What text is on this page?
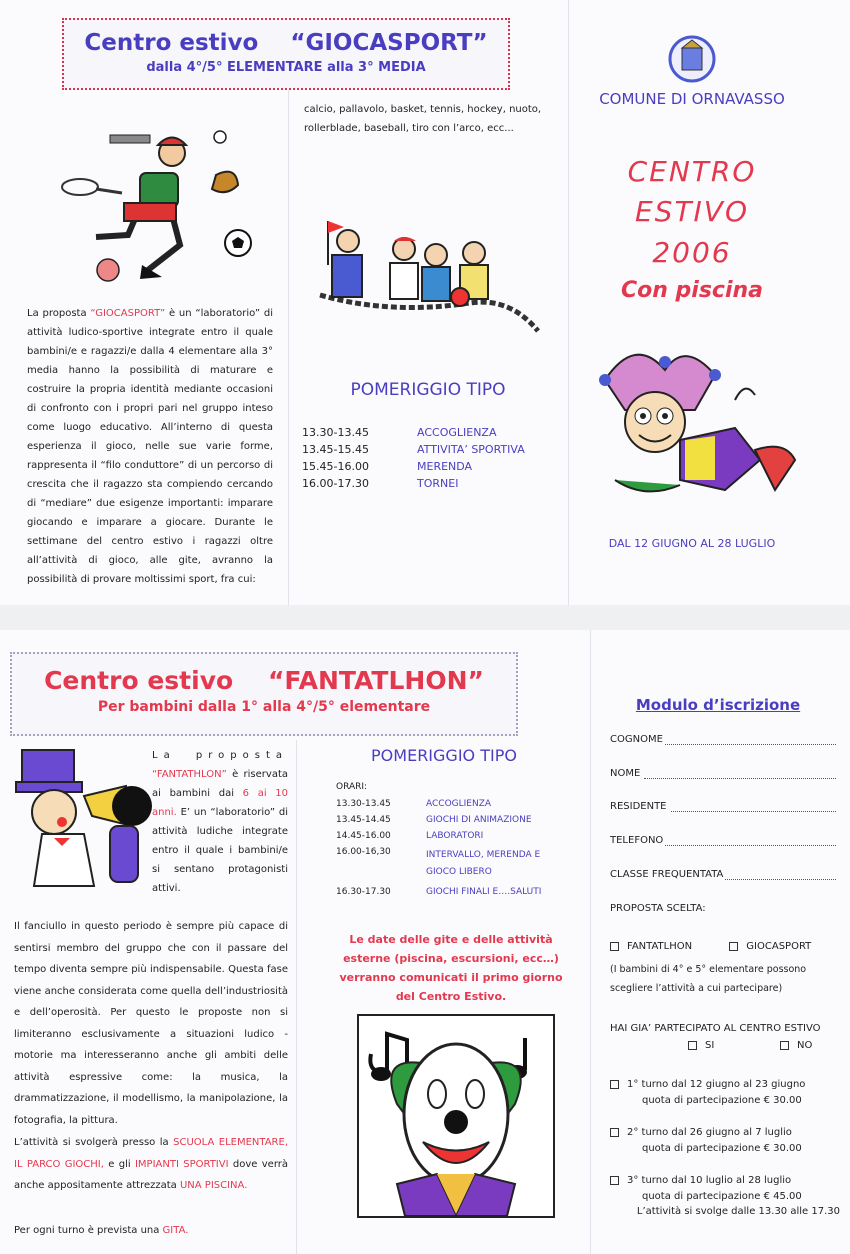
Centro estivo    “GIOCASPORT”
dalla 4°/5° ELEMENTARE alla 3° MEDIA
La proposta “GIOCASPORT” è un “laboratorio” di attività ludico-sportive integrate entro il quale bambini/e e ragazzi/e dalla 4 elementare alla 3° media hanno la possibilità di maturare e costruire la propria identità mediante occasioni di confronto con i propri pari nel gruppo inteso come luogo educativo. All’interno di questa esperienza il gioco, nelle sue varie forme, rappresenta il “filo conduttore” di un percorso di crescita che il ragazzo sta compiendo cercando di “mediare” due esigenze importanti: imparare giocando e imparare a giocare. Durante le settimane del centro estivo i ragazzi oltre all’attività di gioco, alle gite, avranno la possibilità di provare moltissimi sport, fra cui:
calcio, pallavolo, basket, tennis, hockey, nuoto, rollerblade, baseball, tiro con l’arco, ecc...
POMERIGGIO TIPO
13.30-13.45	ACCOGLIENZA
13.45-15.45	ATTIVITA’ SPORTIVA
15.45-16.00	MERENDA
16.00-17.30	TORNEI
COMUNE DI ORNAVASSO
CENTRO
ESTIVO
2006
Con piscina
DAL 12 GIUGNO AL 28 LUGLIO
Centro estivo    “FANTATLHON”
Per bambini dalla 1° alla 4°/5° elementare
La proposta “FANTATHLON” è riservata ai bambini dai 6 ai 10 anni. E’ un “laboratorio” di attività ludiche integrate entro il quale i bambini/e si sentano protagonisti attivi.
Il fanciullo in questo periodo è sempre più capace di sentirsi membro del gruppo che con il passare del tempo diventa sempre più indispensabile. Questa fase viene anche considerata come quella dell’industriosità e dell’operosità. Per questo le proposte non si limiteranno esclusivamente a situazioni ludico - motorie ma interesseranno anche gli ambiti delle attività espressive come: la musica, la drammatizzazione, il modellismo, la manipolazione, la fotografia, la pittura.
L’attività si svolgerà presso la SCUOLA ELEMENTARE, IL PARCO GIOCHI, e gli IMPIANTI SPORTIVI dove verrà anche appositamente attrezzata UNA PISCINA.
Per ogni turno è prevista una GITA.
POMERIGGIO TIPO
ORARI:
13.30-13.45	ACCOGLIENZA
13.45-14.45	GIOCHI DI ANIMAZIONE
14.45-16.00	LABORATORI
16.00-16,30	INTERVALLO, MERENDA E GIOCO LIBERO
16.30-17.30	GIOCHI FINALI E….SALUTI
Le date delle gite e delle attività esterne (piscina, escursioni, ecc…) verranno comunicati il primo giorno del Centro Estivo.
Modulo d’iscrizione
COGNOME
NOME
RESIDENTE
TELEFONO
CLASSE FREQUENTATA
PROPOSTA SCELTA:
FANTATLHON	GIOCASPORT
(I bambini di 4° e 5° elementare possono scegliere l’attività a cui partecipare)
HAI GIA’ PARTECIPATO AL CENTRO ESTIVO
SI	NO
1° turno dal 12 giugno al 23 giugno
quota di partecipazione € 30.00
2° turno dal 26 giugno al 7 luglio
quota di partecipazione € 30.00
3° turno dal 10 luglio al 28 luglio
quota di partecipazione € 45.00
L’attività si svolge dalle 13.30 alle 17.30
